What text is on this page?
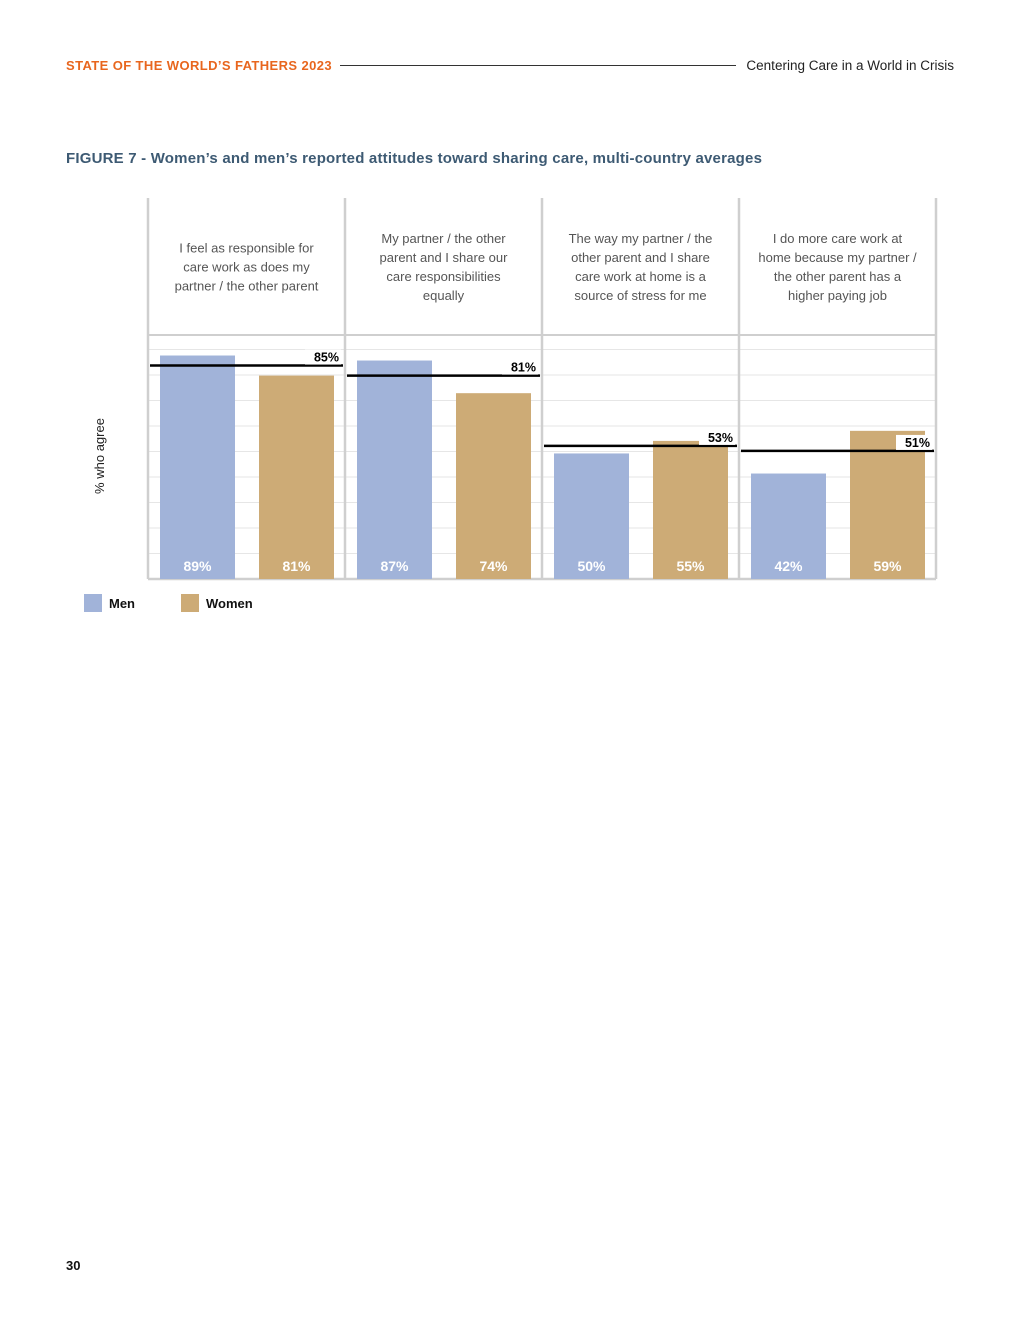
STATE OF THE WORLD’S FATHERS 2023	Centering Care in a World in Crisis
FIGURE 7 - Women’s and men’s reported attitudes toward sharing care, multi-country averages
% who agree
I feel as responsible for care work as does my partner / the other parent
89%	81%
85%
My partner / the other parent and I share our care responsibilities equally
87%	74%
81%
The way my partner / the other parent and I share care work at home is a source of stress for me
50%	55%
53%
I do more care work at home because my partner / the other parent has a higher paying job
42%	59%
51%
Men	Women
30
